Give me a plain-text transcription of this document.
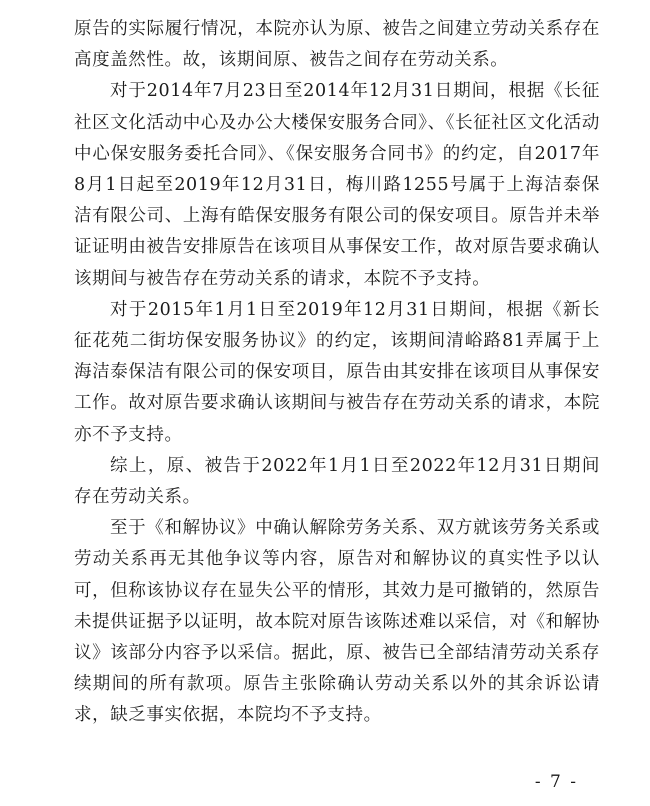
原告的实际履行情况，本院亦认为原、被告之间建立劳动关系存在高度盖然性。故，该期间原、被告之间存在劳动关系。

对于2014年7月23日至2014年12月31日期间，根据《长征社区文化活动中心及办公大楼保安服务合同》、《长征社区文化活动中心保安服务委托合同》、《保安服务合同书》的约定，自2017年8月1日起至2019年12月31日，梅川路1255号属于上海洁泰保洁有限公司、上海有皓保安服务有限公司的保安项目。原告并未举证证明由被告安排原告在该项目从事保安工作，故对原告要求确认该期间与被告存在劳动关系的请求，本院不予支持。

对于2015年1月1日至2019年12月31日期间，根据《新长征花苑二街坊保安服务协议》的约定，该期间清峪路81弄属于上海洁泰保洁有限公司的保安项目，原告由其安排在该项目从事保安工作。故对原告要求确认该期间与被告存在劳动关系的请求，本院亦不予支持。

综上，原、被告于2022年1月1日至2022年12月31日期间存在劳动关系。

至于《和解协议》中确认解除劳务关系、双方就该劳务关系或劳动关系再无其他争议等内容，原告对和解协议的真实性予以认可，但称该协议存在显失公平的情形，其效力是可撤销的，然原告未提供证据予以证明，故本院对原告该陈述难以采信，对《和解协议》该部分内容予以采信。据此，原、被告已全部结清劳动关系存续期间的所有款项。原告主张除确认劳动关系以外的其余诉讼请求，缺乏事实依据，本院均不予支持。

- 7 -
